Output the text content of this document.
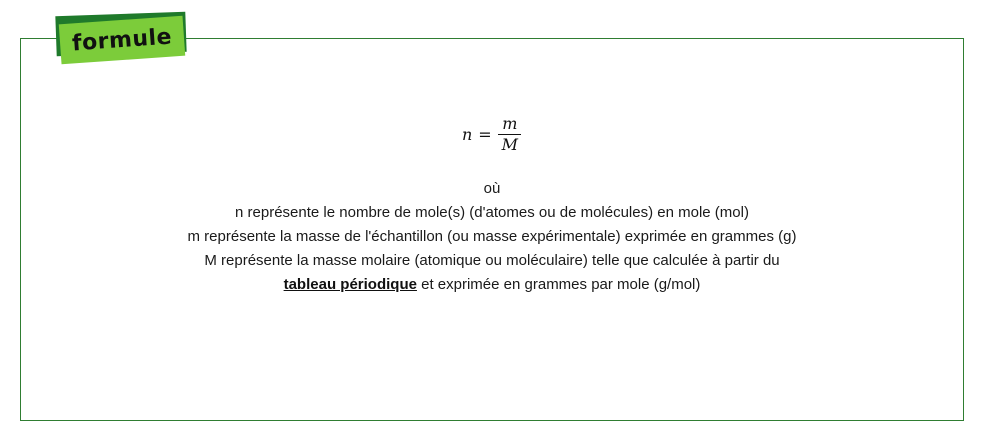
formule
$n = \frac{m}{M}$
où
n représente le nombre de mole(s) (d'atomes ou de molécules) en mole (mol)
m représente la masse de l'échantillon (ou masse expérimentale) exprimée en grammes (g)
M représente la masse molaire (atomique ou moléculaire) telle que calculée à partir du
tableau périodique et exprimée en grammes par mole (g/mol)
